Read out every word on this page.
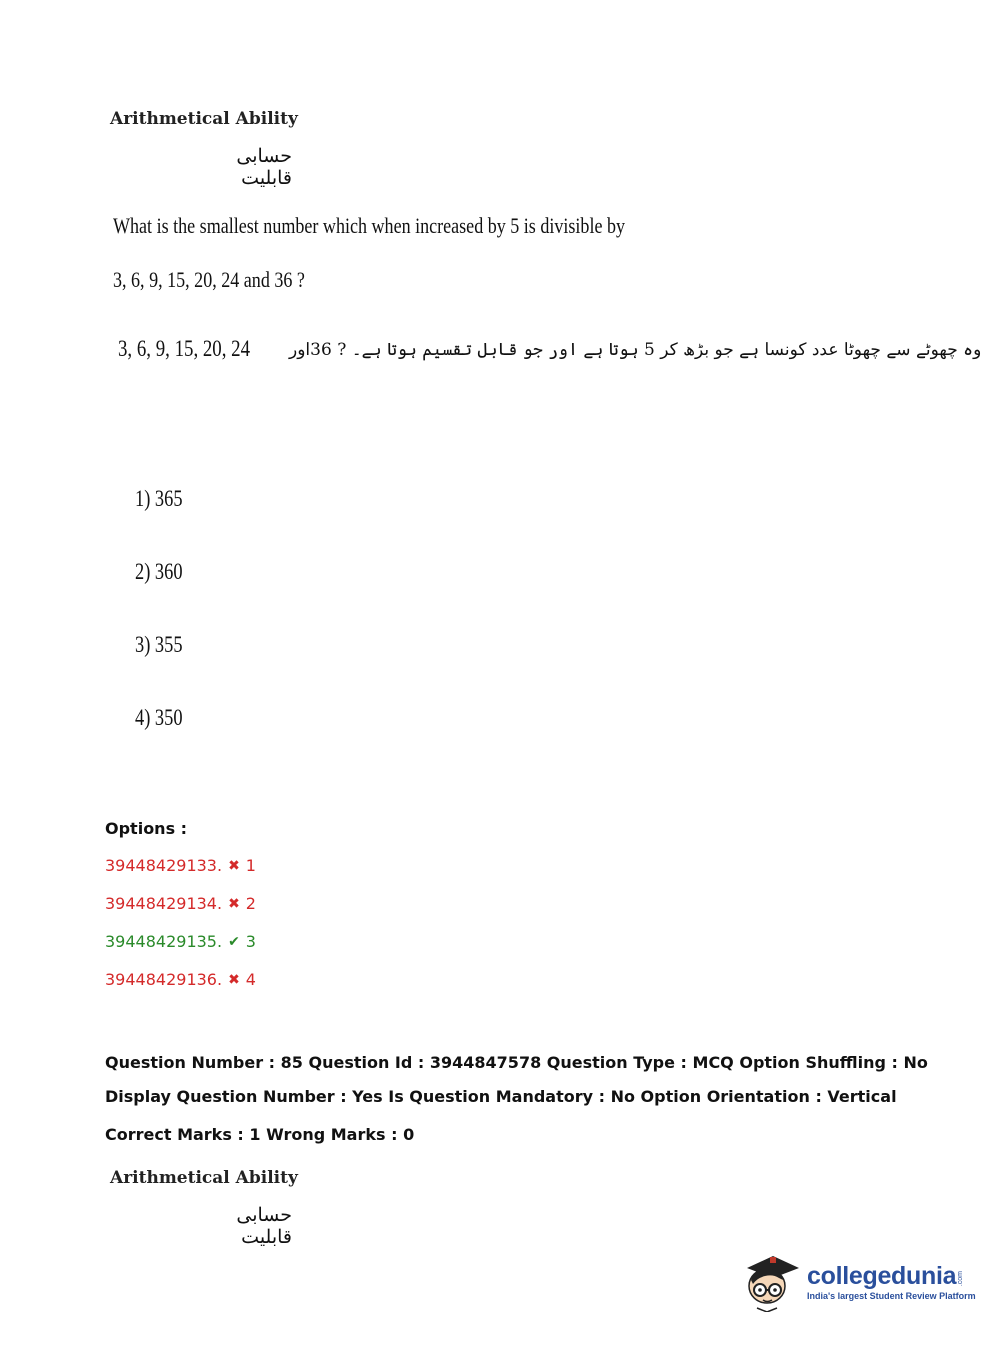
Arithmetical Ability
حسابی قابلیت
What is the smallest number which when increased by 5 is divisible by
3, 6, 9, 15, 20, 24 and 36 ?
3, 6, 9, 15, 20, 24 وہ چھوٹے سے چھوٹا عدد کونسا ہے جو بڑھ کر 5 ہوتا ہے اور جو قابل تقسیم ہوتا ہے۔ ? 36اور
1) 365
2) 360
3) 355
4) 350
Options :
39448429133. ✖ 1
39448429134. ✖ 2
39448429135. ✔ 3
39448429136. ✖ 4
Question Number : 85 Question Id : 3944847578 Question Type : MCQ Option Shuffling : No
Display Question Number : Yes Is Question Mandatory : No Option Orientation : Vertical
Correct Marks : 1 Wrong Marks : 0
Arithmetical Ability
حسابی قابلیت
collegedunia .com
India's largest Student Review Platform
